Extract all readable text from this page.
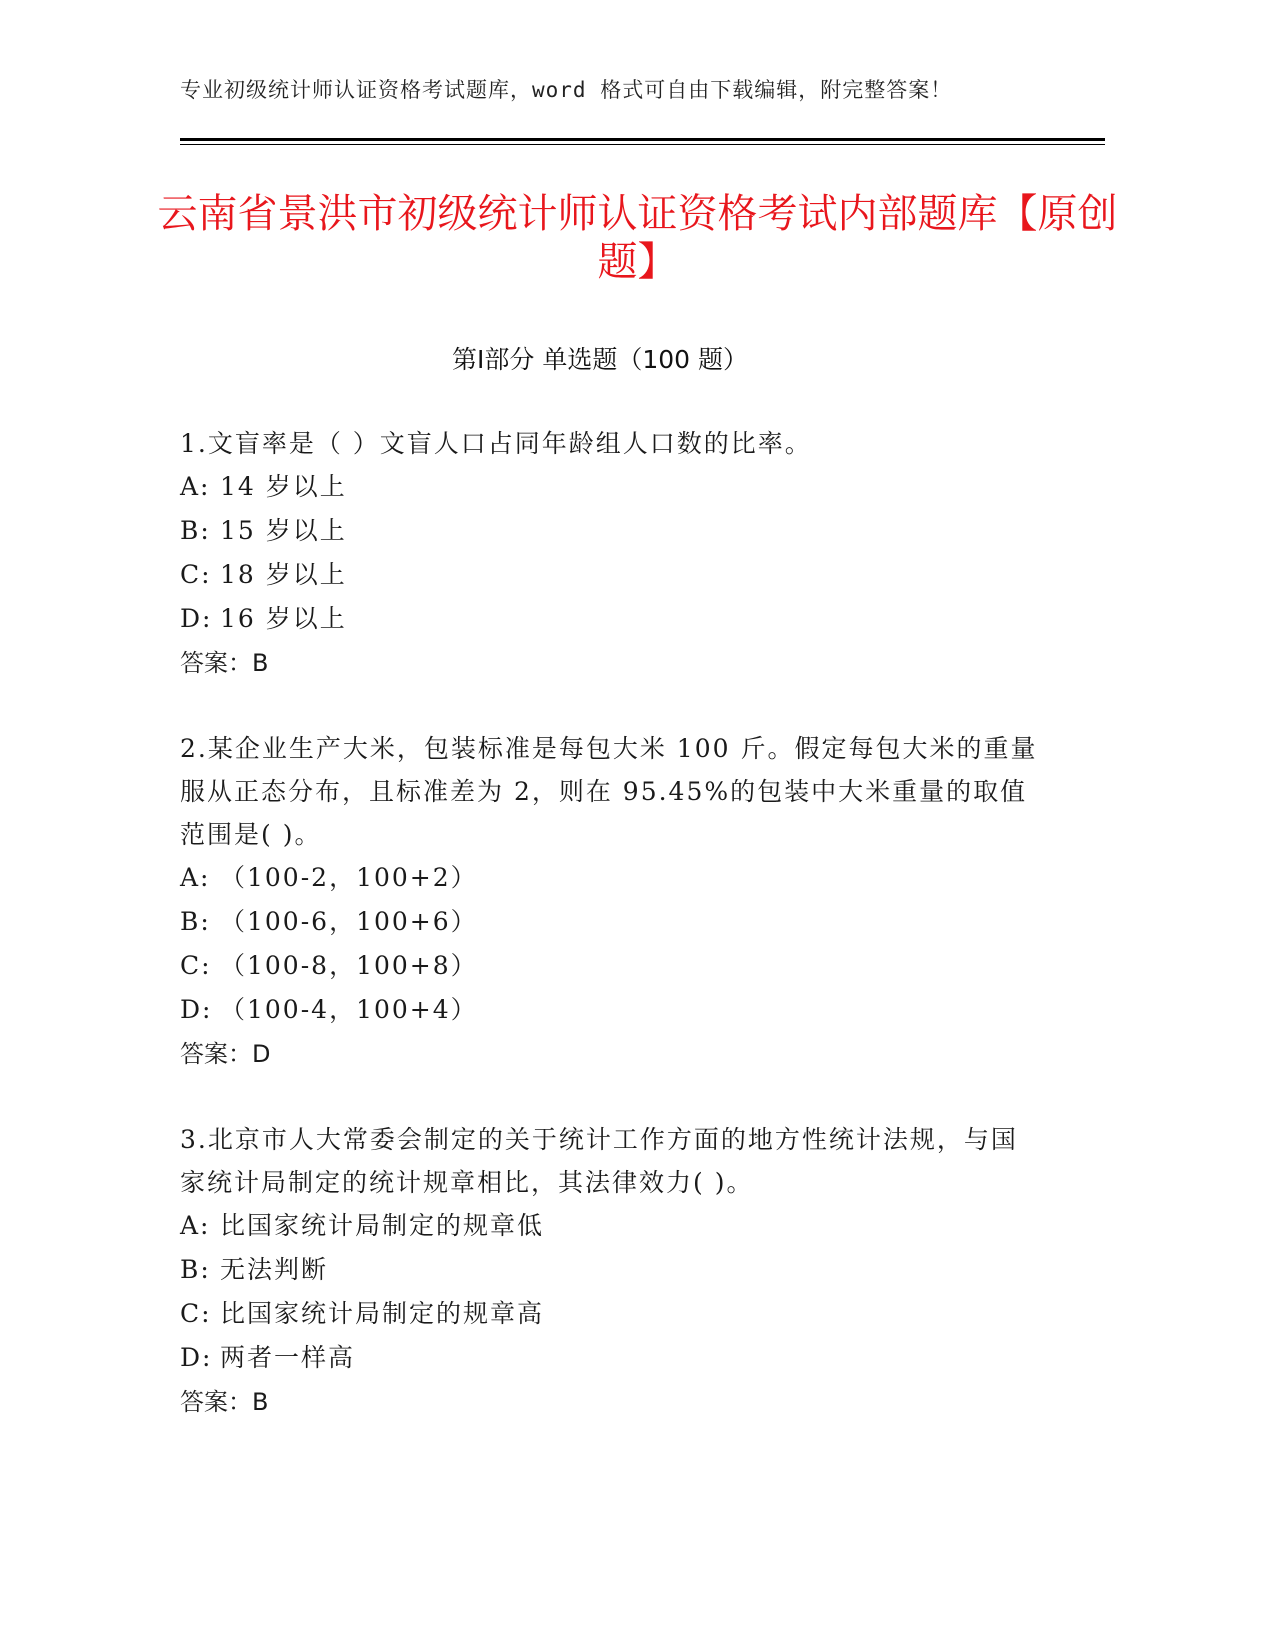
专业初级统计师认证资格考试题库，word 格式可自由下载编辑，附完整答案！
云南省景洪市初级统计师认证资格考试内部题库【原创题】
第Ⅰ部分 单选题（100 题）

1.文盲率是（ ）文盲人口占同年龄组人口数的比率。

A: 14 岁以上

B: 15 岁以上

C: 18 岁以上

D: 16 岁以上

答案：B

2.某企业生产大米，包装标准是每包大米 100 斤。假定每包大米的重量服从正态分布，且标准差为 2，则在 95.45%的包装中大米重量的取值范围是( )。

A: （100-2，100+2）

B: （100-6，100+6）

C: （100-8，100+8）

D: （100-4，100+4）

答案：D

3.北京市人大常委会制定的关于统计工作方面的地方性统计法规，与国家统计局制定的统计规章相比，其法律效力( )。

A: 比国家统计局制定的规章低

B: 无法判断

C: 比国家统计局制定的规章高

D: 两者一样高

答案：B
